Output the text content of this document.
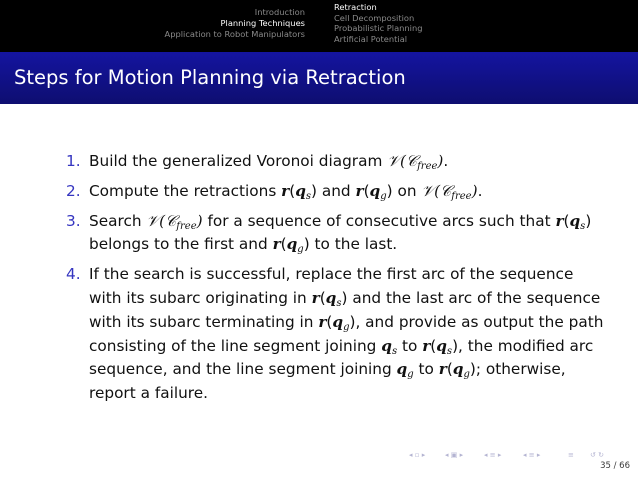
Introduction
Planning Techniques
Application to Robot Manipulators
Retraction
Cell Decomposition
Probabilistic Planning
Artificial Potential
Steps for Motion Planning via Retraction
1. Build the generalized Voronoi diagram 𝒱(𝒞$_{free}$).
2. Compute the retractions $r(q_s)$ and $r(q_g)$ on 𝒱(𝒞$_{free}$).
3. Search 𝒱(𝒞$_{free}$) for a sequence of consecutive arcs such that $r(q_s)$ belongs to the first and $r(q_g)$ to the last.
4. If the search is successful, replace the first arc of the sequence with its subarc originating in $r(q_s)$ and the last arc of the sequence with its subarc terminating in $r(q_g)$, and provide as output the path consisting of the line segment joining $q_s$ to $r(q_s)$, the modified arc sequence, and the line segment joining $q_g$ to $r(q_g)$; otherwise, report a failure.
◂ ▫ ▸	◂ ▣ ▸	◂ ≡ ▸	◂ ≡ ▸	≡ ↺ ↻
35 / 66
